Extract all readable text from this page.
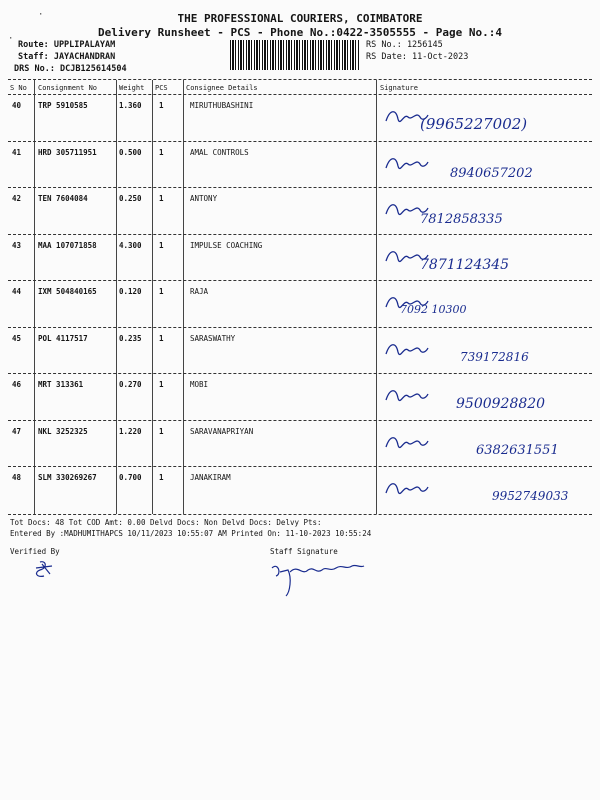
THE PROFESSIONAL COURIERS, COIMBATORE
Delivery Runsheet - PCS - Phone No.:0422-3505555 - Page No.:4
Route: UPPLIPALAYAM
Staff: JAYACHANDRAN
DRS No.: DCJB125614504
RS No.: 1256145
RS Date: 11-Oct-2023
·
·
S No Consignment No	Weight PCS	Consignee Details	Signature
40 TRP 5910585	1.360 1	MIRUTHUBASHINI
(9965227002)
41 HRD 305711951	0.500 1	AMAL CONTROLS
8940657202
42 TEN 7604084	0.250 1	ANTONY
7812858335
43 MAA 107071858	4.300 1	IMPULSE COACHING
7871124345
44 IXM 504840165	0.120 1	RAJA
7092 10300
45 POL 4117517	0.235 1	SARASWATHY
739172816
46 MRT 313361	0.270 1	MOBI
9500928820
47 NKL 3252325	1.220 1	SARAVANAPRIYAN
6382631551
48 SLM 330269267	0.700 1	JANAKIRAM
9952749033
Tot Docs: 48 Tot COD Amt: 0.00 Delvd Docs: Non Delvd Docs: Delvy Pts:
Entered By :MADHUMITHAPCS 10/11/2023 10:55:07 AM Printed On: 11-10-2023 10:55:24
Verified By	Staff Signature
